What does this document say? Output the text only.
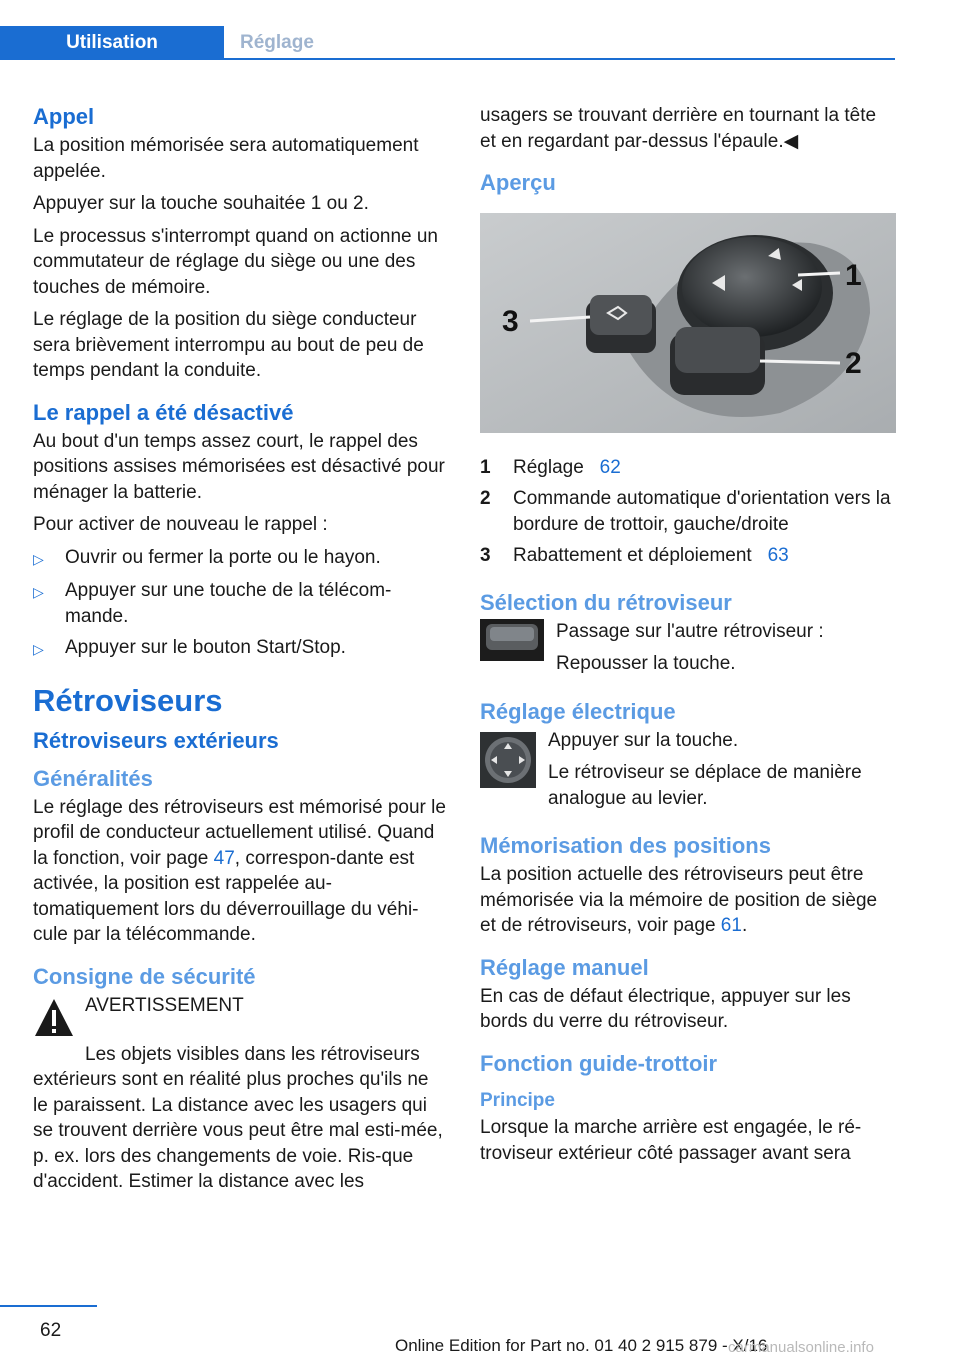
Utilisation	Réglage
Appel

La position mémorisée sera automatiquement appelée.

Appuyer sur la touche souhaitée 1 ou 2.

Le processus s'interrompt quand on actionne un commutateur de réglage du siège ou une des touches de mémoire.

Le réglage de la position du siège conducteur sera brièvement interrompu au bout de peu de temps pendant la conduite.

Le rappel a été désactivé

Au bout d'un temps assez court, le rappel des positions assises mémorisées est désactivé pour ménager la batterie.

Pour activer de nouveau le rappel :

▷	Ouvrir ou fermer la porte ou le hayon.
▷	Appuyer sur une touche de la télécom-mande.
▷	Appuyer sur le bouton Start/Stop.
Rétroviseurs
Rétroviseurs extérieurs
Généralités

Le réglage des rétroviseurs est mémorisé pour le profil de conducteur actuellement utilisé. Quand la fonction, voir page 47, correspon-dante est activée, la position est rappelée au-tomatiquement lors du déverrouillage du véhi-cule par la télécommande.

Consigne de sécurité

AVERTISSEMENT

Les objets visibles dans les rétroviseurs extérieurs sont en réalité plus proches qu'ils ne le paraissent. La distance avec les usagers qui se trouvent derrière vous peut être mal esti-mée, p. ex. lors des changements de voie. Ris-que d'accident. Estimer la distance avec les

usagers se trouvant derrière en tournant la tête et en regardant par-dessus l'épaule.◀

Aperçu
1
2
3
1	Réglage 62
2	Commande automatique d'orientation vers la bordure de trottoir, gauche/droite
3	Rabattement et déploiement 63
Sélection du rétroviseur

Passage sur l'autre rétroviseur :

Repousser la touche.

Réglage électrique

Appuyer sur la touche.

Le rétroviseur se déplace de manière analogue au levier.

Mémorisation des positions

La position actuelle des rétroviseurs peut être mémorisée via la mémoire de position de siège et de rétroviseurs, voir page 61.

Réglage manuel

En cas de défaut électrique, appuyer sur les bords du verre du rétroviseur.

Fonction guide-trottoir
Principe

Lorsque la marche arrière est engagée, le ré-troviseur extérieur côté passager avant sera

62
Online Edition for Part no. 01 40 2 915 879 - X/16
carmanualsonline.info
